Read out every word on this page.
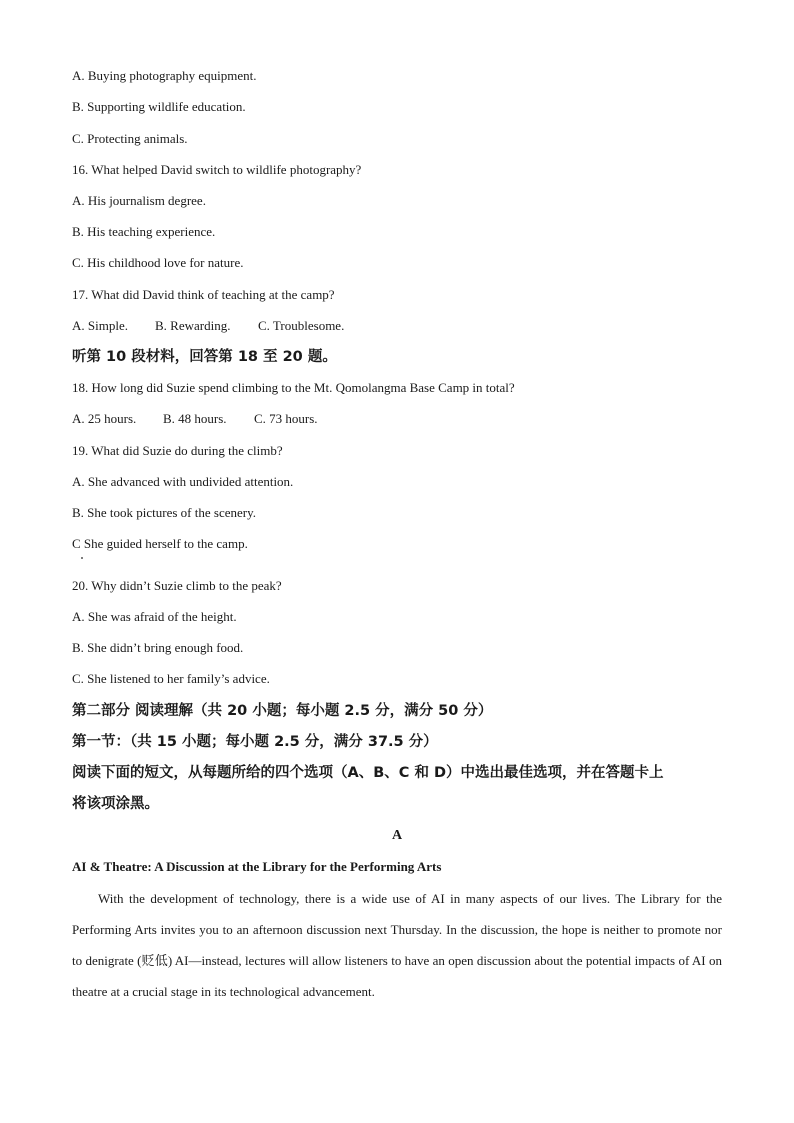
A. Buying photography equipment.
B. Supporting wildlife education.
C. Protecting animals.
16. What helped David switch to wildlife photography?
A. His journalism degree.
B. His teaching experience.
C. His childhood love for nature.
17. What did David think of teaching at the camp?
A. Simple. B. Rewarding. C. Troublesome.
听第 10 段材料，回答第 18 至 20 题。
18. How long did Suzie spend climbing to the Mt. Qomolangma Base Camp in total?
A. 25 hours. B. 48 hours. C. 73 hours.
19. What did Suzie do during the climb?
A. She advanced with undivided attention.
B. She took pictures of the scenery.
C She guided herself to the camp.
20. Why didn’t Suzie climb to the peak?
A. She was afraid of the height.
B. She didn’t bring enough food.
C. She listened to her family’s advice.
第二部分 阅读理解（共 20 小题；每小题 2.5 分，满分 50 分）
第一节：（共 15 小题；每小题 2.5 分，满分 37.5 分）
阅读下面的短文，从每题所给的四个选项（A、B、C 和 D）中选出最佳选项，并在答题卡上
将该项涂黑。
A
AI & Theatre: A Discussion at the Library for the Performing Arts
With the development of technology, there is a wide use of AI in many aspects of our lives. The Library for the Performing Arts invites you to an afternoon discussion next Thursday. In the discussion, the hope is neither to promote nor to denigrate (贬低) AI—instead, lectures will allow listeners to have an open discussion about the potential impacts of AI on theatre at a crucial stage in its technological advancement.
